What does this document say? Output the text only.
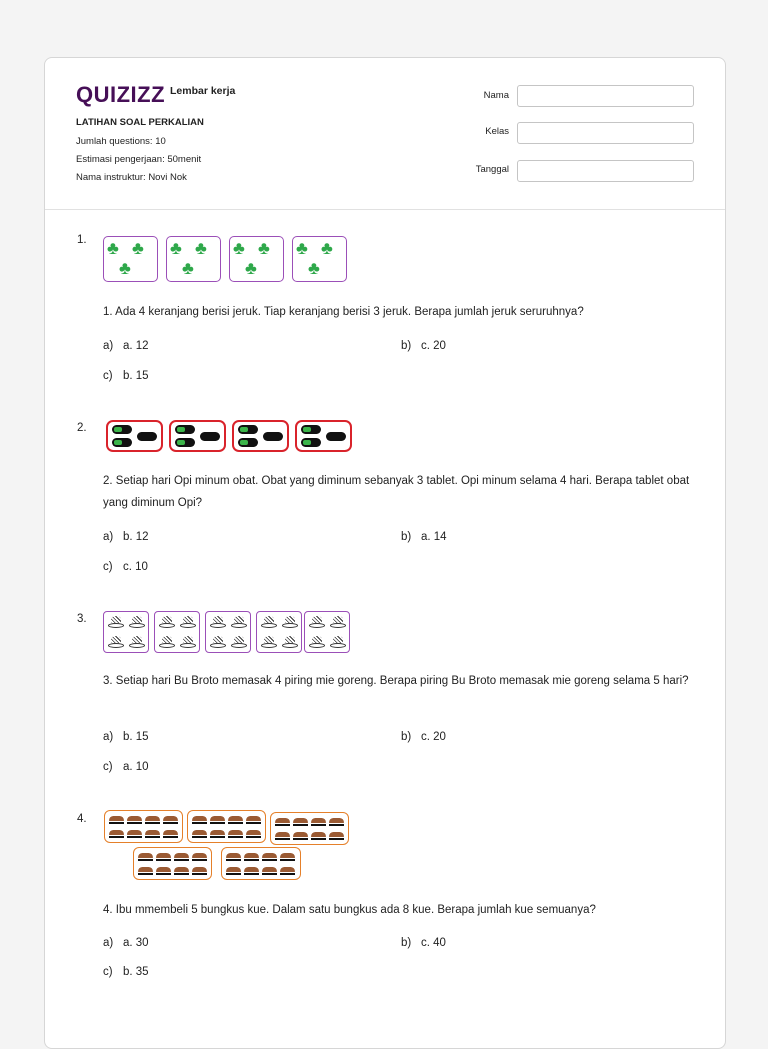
QUIZIZZ Lembar kerja
LATIHAN SOAL PERKALIAN
Jumlah questions: 10
Estimasi pengerjaan: 50menit
Nama instruktur: Novi Nok
Nama
Kelas
Tanggal
1. ♣ ♣
♣
♣ ♣
♣
♣ ♣
♣
♣ ♣
♣
1. Ada 4 keranjang berisi jeruk. Tiap keranjang berisi 3 jeruk. Berapa jumlah jeruk seruruhnya?
a) a. 12	b) c. 20
c) b. 15
2.
2. Setiap hari Opi minum obat. Obat yang diminum sebanyak 3 tablet. Opi minum selama 4 hari. Berapa tablet obat yang diminum Opi?
a) b. 12	b) a. 14
c) c. 10
3.
3. Setiap hari Bu Broto memasak 4 piring mie goreng. Berapa piring Bu Broto memasak mie goreng selama 5 hari?
a) b. 15	b) c. 20
c) a. 10
4.
4. Ibu mmembeli 5 bungkus kue. Dalam satu bungkus ada 8 kue. Berapa jumlah kue semuanya?
a) a. 30	b) c. 40
c) b. 35
